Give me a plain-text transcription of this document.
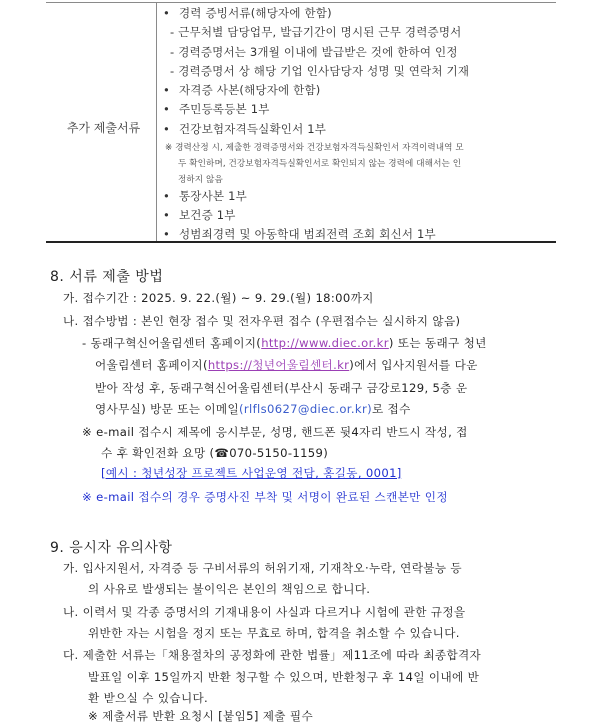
추가 제출서류
• 경력 증빙서류(해당자에 한함)
- 근무처별 담당업무, 발급기간이 명시된 근무 경력증명서
- 경력증명서는 3개월 이내에 발급받은 것에 한하여 인정
- 경력증명서 상 해당 기업 인사담당자 성명 및 연락처 기재
• 자격증 사본(해당자에 한함)
• 주민등록등본 1부
• 건강보험자격득실확인서 1부
※ 경력산정 시, 제출한 경력증명서와 건강보험자격득실확인서 자격이력내역 모
두 확인하며, 건강보험자격득실확인서로 확인되지 않는 경력에 대해서는 인
정하지 않음
• 통장사본 1부
• 보건증 1부
• 성범죄경력 및 아동학대 범죄전력 조회 회신서 1부
8. 서류 제출 방법
가. 접수기간 : 2025. 9. 22.(월) ~ 9. 29.(월) 18:00까지
나. 접수방법 : 본인 현장 접수 및 전자우편 접수 (우편접수는 실시하지 않음)
- 동래구혁신어울림센터 홈페이지(http://www.diec.or.kr) 또는 동래구 청년
어울림센터 홈페이지(https://청년어울림센터.kr)에서 입사지원서를 다운
받아 작성 후, 동래구혁신어울림센터(부산시 동래구 금강로129, 5층 운
영사무실) 방문 또는 이메일(rlfls0627@diec.or.kr)로 접수
※ e-mail 접수시 제목에 응시부문, 성명, 핸드폰 뒷4자리 반드시 작성, 접
수 후 확인전화 요망 (☎070-5150-1159)
[예시 : 청년성장 프로젝트 사업운영 전담, 홍길동, 0001]
※ e-mail 접수의 경우 증명사진 부착 및 서명이 완료된 스캔본만 인정
9. 응시자 유의사항
가. 입사지원서, 자격증 등 구비서류의 허위기재, 기재착오·누락, 연락불능 등
의 사유로 발생되는 불이익은 본인의 책임으로 합니다.
나. 이력서 및 각종 증명서의 기재내용이 사실과 다르거나 시험에 관한 규정을
위반한 자는 시험을 정지 또는 무효로 하며, 합격을 취소할 수 있습니다.
다. 제출한 서류는「채용절차의 공정화에 관한 법률」제11조에 따라 최종합격자
발표일 이후 15일까지 반환 청구할 수 있으며, 반환청구 후 14일 이내에 반
환 받으실 수 있습니다.
※ 제출서류 반환 요청시 [붙임5] 제출 필수
